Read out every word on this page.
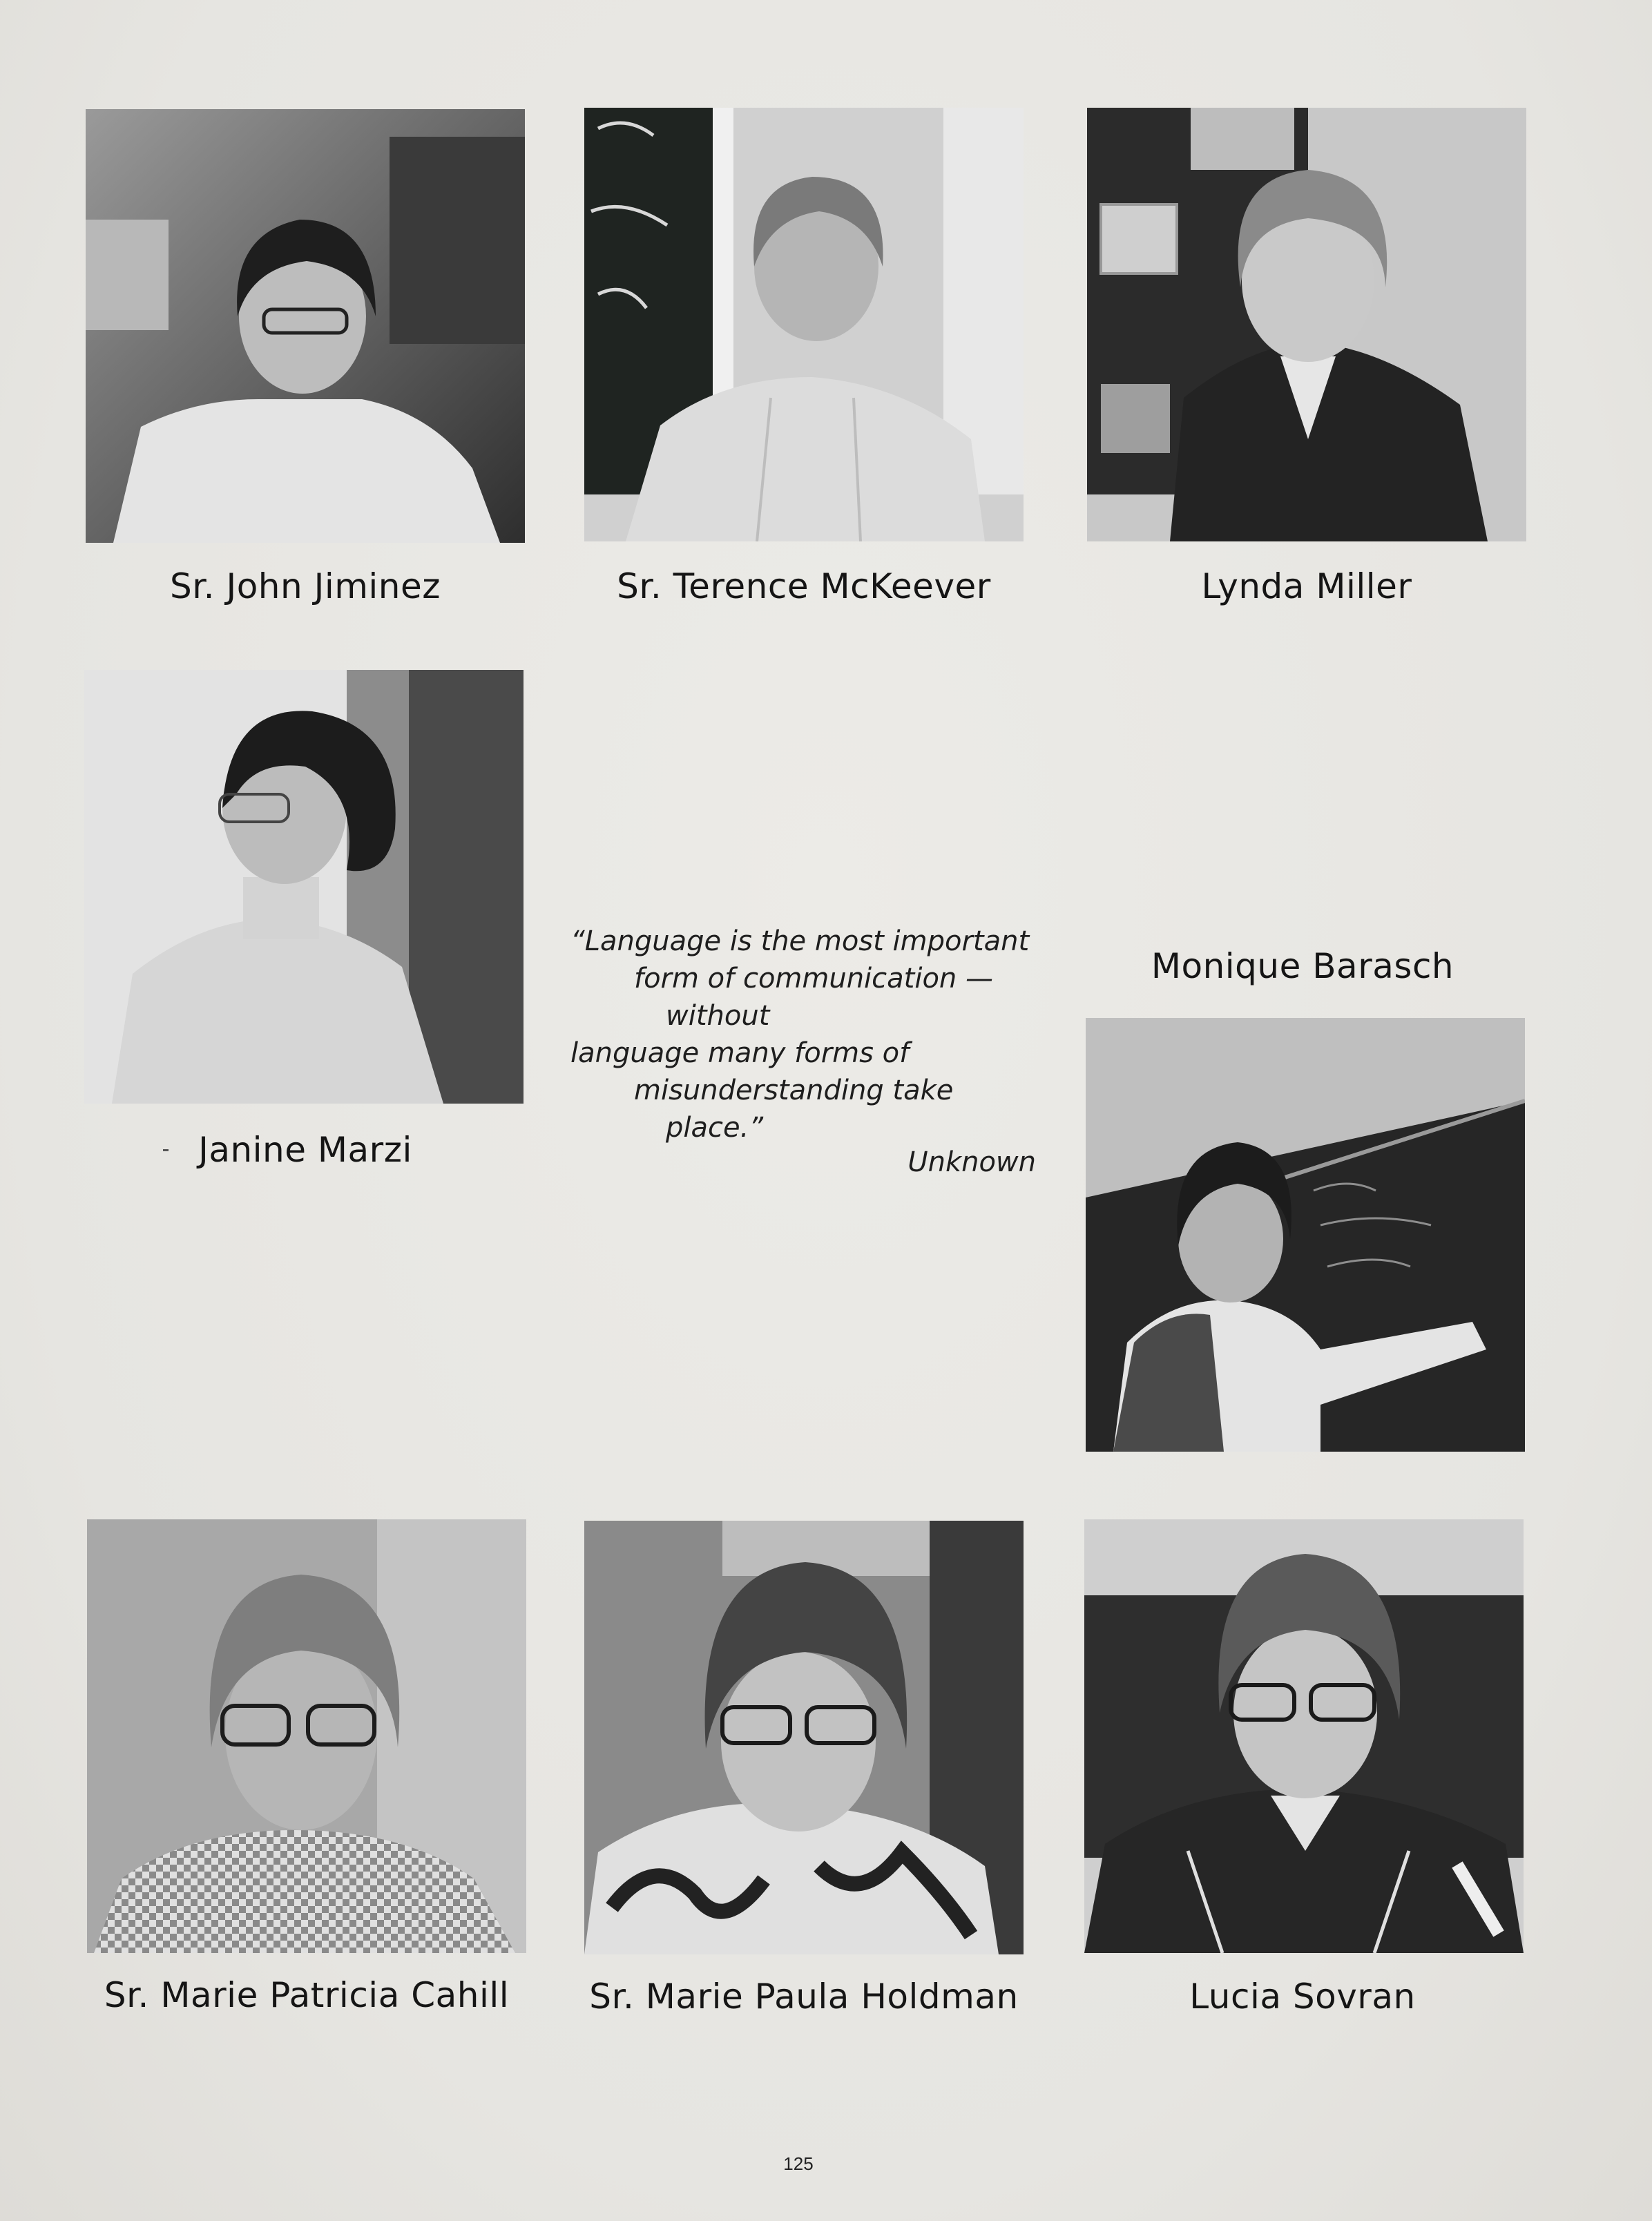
Sr. John Jiminez	Sr. Terence McKeever	Lynda Miller
Janine Marzi
“Language is the most important
form of communication —
without
language many forms of
misunderstanding take
place.”
Unknown
Monique Barasch
Sr. Marie Patricia Cahill	Sr. Marie Paula Holdman	Lucia Sovran
125
